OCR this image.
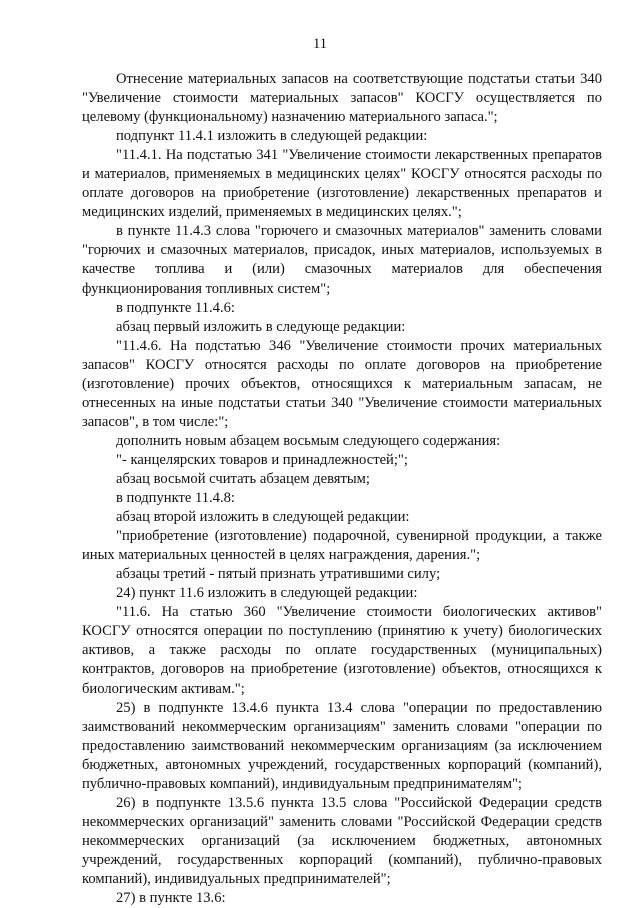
11

Отнесение материальных запасов на соответствующие подстатьи статьи 340 "Увеличение стоимости материальных запасов" КОСГУ осуществляется по целевому (функциональному) назначению материального запаса.";

подпункт 11.4.1 изложить в следующей редакции:

"11.4.1. На подстатью 341 "Увеличение стоимости лекарственных препаратов и материалов, применяемых в медицинских целях" КОСГУ относятся расходы по оплате договоров на приобретение (изготовление) лекарственных препаратов и медицинских изделий, применяемых в медицинских целях.";

в пункте 11.4.3 слова "горючего и смазочных материалов" заменить словами "горючих и смазочных материалов, присадок, иных материалов, используемых в качестве топлива и (или) смазочных материалов для обеспечения функционирования топливных систем";

в подпункте 11.4.6:

абзац первый изложить в следующе редакции:

"11.4.6. На подстатью 346 "Увеличение стоимости прочих материальных запасов" КОСГУ относятся расходы по оплате договоров на приобретение (изготовление) прочих объектов, относящихся к материальным запасам, не отнесенных на иные подстатьи статьи 340 "Увеличение стоимости материальных запасов", в том числе:";

дополнить новым абзацем восьмым следующего содержания:

"- канцелярских товаров и принадлежностей;";

абзац восьмой считать абзацем девятым;

в подпункте 11.4.8:

абзац второй изложить в следующей редакции:

"приобретение (изготовление) подарочной, сувенирной продукции, а также иных материальных ценностей в целях награждения, дарения.";

абзацы третий - пятый признать утратившими силу;

24) пункт 11.6 изложить в следующей редакции:

"11.6. На статью 360 "Увеличение стоимости биологических активов" КОСГУ относятся операции по поступлению (принятию к учету) биологических активов, а также расходы по оплате государственных (муниципальных) контрактов, договоров на приобретение (изготовление) объектов, относящихся к биологическим активам.";

25) в подпункте 13.4.6 пункта 13.4 слова "операции по предоставлению заимствований некоммерческим организациям" заменить словами "операции по предоставлению заимствований некоммерческим организациям (за исключением бюджетных, автономных учреждений, государственных корпораций (компаний), публично-правовых компаний), индивидуальным предпринимателям";

26) в подпункте 13.5.6 пункта 13.5 слова "Российской Федерации средств некоммерческих организаций" заменить словами "Российской Федерации средств некоммерческих организаций (за исключением бюджетных, автономных учреждений, государственных корпораций (компаний), публично-правовых компаний), индивидуальных предпринимателей";

27) в пункте 13.6:
